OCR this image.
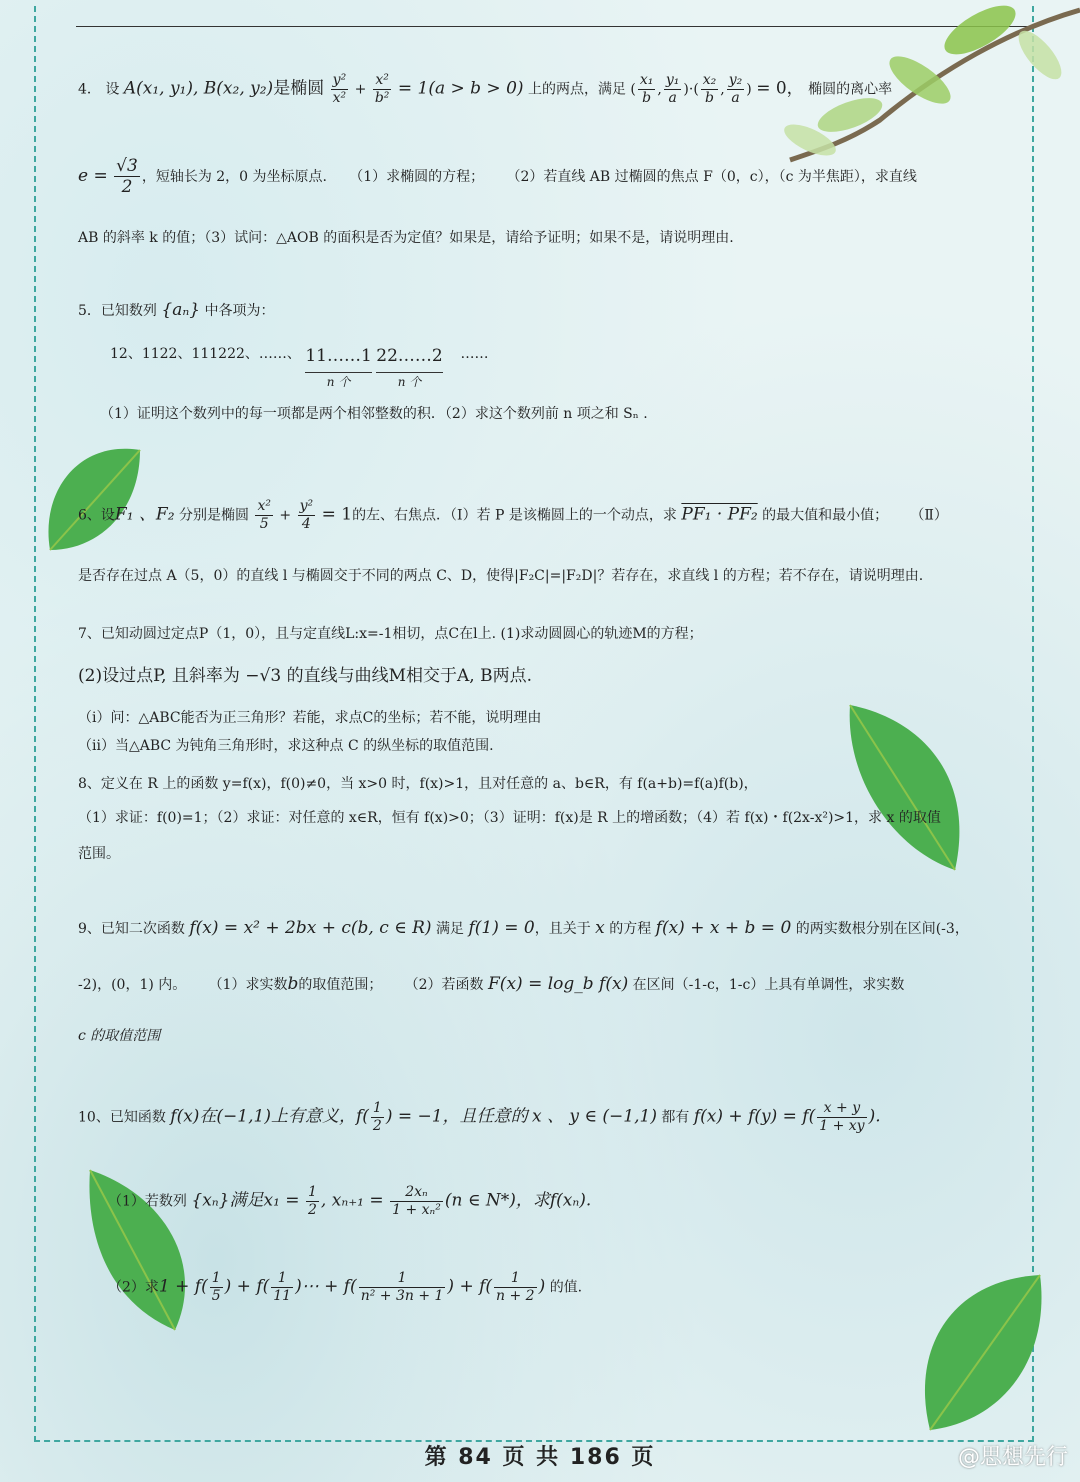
4． 设 A(x₁, y₁), B(x₂, y₂)是椭圆 $\frac{\text{y²}}{\text{x²}} + \frac{\text{x²}}{\text{b²}} = 1(a > b > 0)$ 上的两点，满足 ( $\frac{\text{x₁}}{b}$ , $\frac{\text{y₁}}{a}$ )·( $\frac{\text{x₂}}{b}$ , $\frac{\text{y₂}}{a}$ ) = 0， 椭圆的离心率
$e = \frac{√3}{2}$ ，短轴长为 2，0 为坐标原点. （1）求椭圆的方程； （2）若直线 AB 过椭圆的焦点 F（0，c），（c 为半焦距），求直线
AB 的斜率 k 的值；（3）试问：△AOB 的面积是否为定值？如果是，请给予证明；如果不是，请说明理由.
5．已知数列 {aₙ} 中各项为：
12、1122、111222、……、 11……1
n 个
22……2
n 个
……
（1）证明这个数列中的每一项都是两个相邻整数的积．（2）求这个数列前 n 项之和 Sₙ .
6、设F₁ 、F₂ 分别是椭圆 $\frac{\text{x²}}{5} + \frac{\text{y²}}{4} = 1$的左、右焦点．（Ⅰ）若 P 是该椭圆上的一个动点，求 PF₁ · PF₂ 的最大值和最小值； （Ⅱ）
是否存在过点 A（5，0）的直线 l 与椭圆交于不同的两点 C、D，使得|F₂C|=|F₂D|？若存在，求直线 l 的方程；若不存在，请说明理由.
7、已知动圆过定点P（1，0），且与定直线L:x=-1相切，点C在l上. (1)求动圆圆心的轨迹M的方程；
(2)设过点P, 且斜率为 −√3 的直线与曲线M相交于A, B两点.
（i）问：△ABC能否为正三角形？若能，求点C的坐标；若不能，说明理由
（ii）当△ABC 为钝角三角形时，求这种点 C 的纵坐标的取值范围.
8、定义在 R 上的函数 y=f(x)，f(0)≠0，当 x>0 时，f(x)>1，且对任意的 a、b∈R，有 f(a+b)=f(a)f(b)，
（1）求证：f(0)=1；（2）求证：对任意的 x∈R，恒有 f(x)>0；（3）证明：f(x)是 R 上的增函数；（4）若 f(x)・f(2x-x²)>1，求 x 的取值
范围。
9、已知二次函数 f(x) = x² + 2bx + c(b, c ∈ R) 满足 f(1) = 0，且关于 x 的方程 f(x) + x + b = 0 的两实数根分别在区间(-3，
-2)，(0，1) 内。 （1）求实数b的取值范围； （2）若函数 F(x) = log_b f(x) 在区间（-1-c，1-c）上具有单调性，求实数
c 的取值范围
10、已知函数 f(x)在(−1,1)上有意义，$f( \frac{1}{2}$ ) = −1，且任意的 x 、 y ∈ (−1,1) 都有 $f(x) + f(y) = f( \frac{x + y}{1 + xy}$ ).
（1）若数列 {xₙ}满足$x_1 = \frac{1}{2}$ , $x_{n+1} = \frac{\text{2xₙ}}{\text{1 + xₙ²}} (n$ ∈ N*)，求f(xₙ).
（2）求$1 + f( \frac{1}{5}$ ) + $f( \frac{1}{11}$ )⋯ + $f( \frac{1}{\text{n² + 3n + 1}}$ ) + $f( \frac{1}{n + 2}$ ) 的值.
第 84 页 共 186 页	@思想先行
